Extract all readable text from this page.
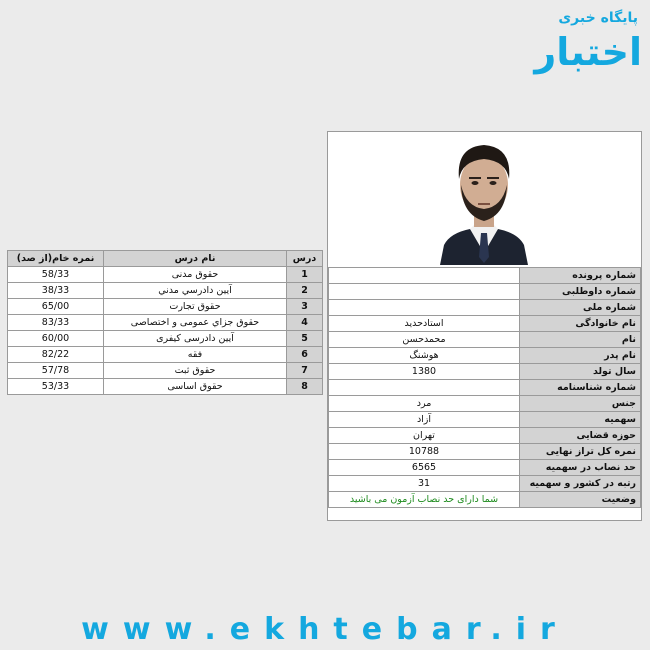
پایگاه خبری
اختبار
درس	نام درس	نمره خام(از صد)
1	حقوق مدنی	58/33
2	آیین دادرسي مدني	38/33
3	حقوق تجارت	65/00
4	حقوق جزاي عمومی و اختصاصی	83/33
5	آیین دادرسی کیفری	60/00
6	فقه	82/22
7	حقوق ثبت	57/78
8	حقوق اساسی	53/33
شماره پرونده	
شماره داوطلبی	
شماره ملی	
نام خانوادگی	استادحدید
نام	محمدحسن
نام پدر	هوشنگ
سال تولد	1380
شماره شناسنامه	
جنس	مرد
سهمیه	آزاد
حوزه قضایی	تهران
نمره کل تراز نهایی	10788
حد نصاب در سهمیه	6565
رتبه در کشور و سهمیه	31
وضعیت	شما دارای حد نصاب آزمون می باشید
www.ekhtebar.ir
